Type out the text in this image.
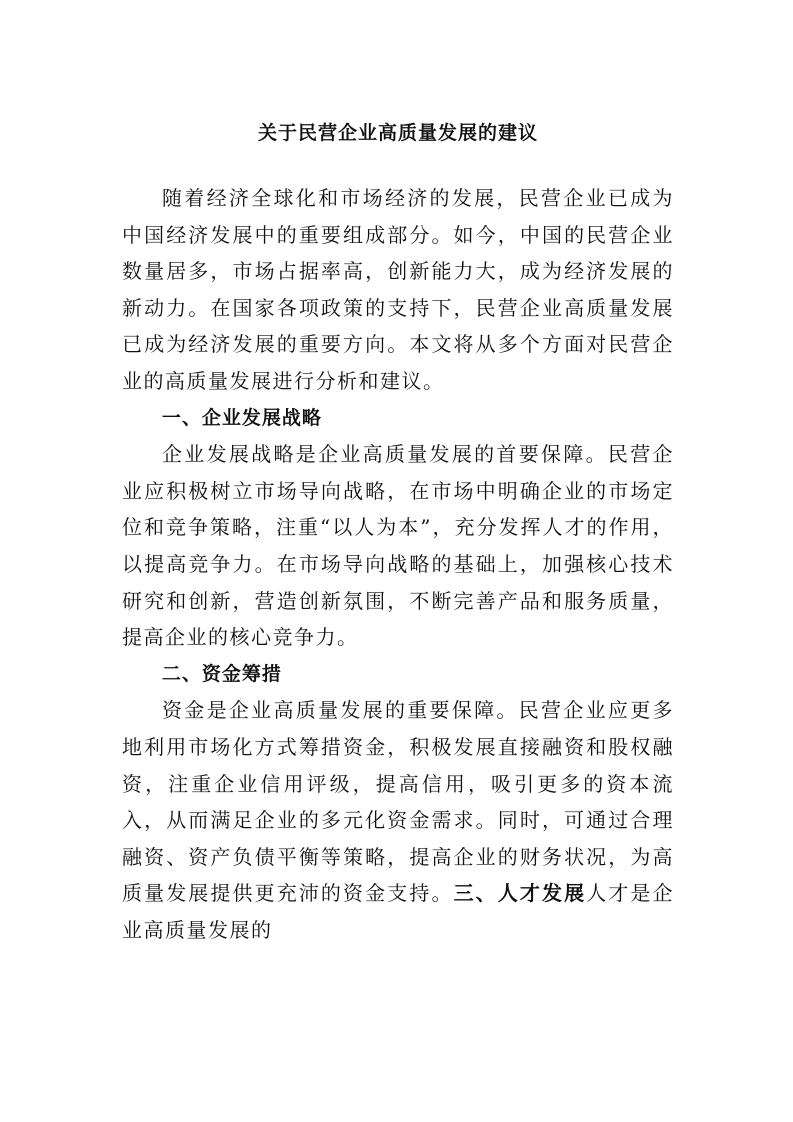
关于民营企业高质量发展的建议

随着经济全球化和市场经济的发展，民营企业已成为中国经济发展中的重要组成部分。如今，中国的民营企业数量居多，市场占据率高，创新能力大，成为经济发展的新动力。在国家各项政策的支持下，民营企业高质量发展已成为经济发展的重要方向。本文将从多个方面对民营企业的高质量发展进行分析和建议。

一、企业发展战略

企业发展战略是企业高质量发展的首要保障。民营企业应积极树立市场导向战略，在市场中明确企业的市场定位和竞争策略，注重“以人为本”，充分发挥人才的作用，以提高竞争力。在市场导向战略的基础上，加强核心技术研究和创新，营造创新氛围，不断完善产品和服务质量，提高企业的核心竞争力。

二、资金筹措

资金是企业高质量发展的重要保障。民营企业应更多地利用市场化方式筹措资金，积极发展直接融资和股权融资，注重企业信用评级，提高信用，吸引更多的资本流入，从而满足企业的多元化资金需求。同时，可通过合理融资、资产负债平衡等策略，提高企业的财务状况，为高质量发展提供更充沛的资金支持。三、人才发展人才是企业高质量发展的
